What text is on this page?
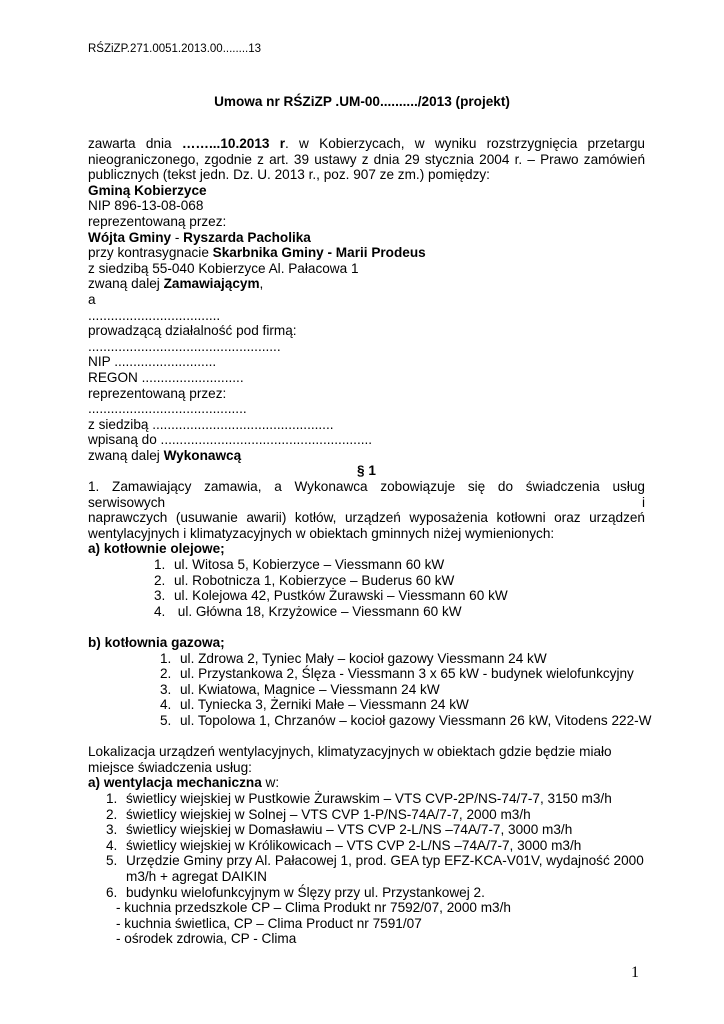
RŚZiZP.271.0051.2013.00........13
Umowa nr RŚZiZP .UM-00........../2013 (projekt)
zawarta dnia ……...10.2013 r. w Kobierzycach, w wyniku rozstrzygnięcia przetargu
nieograniczonego, zgodnie z art. 39 ustawy z dnia 29 stycznia 2004 r. – Prawo zamówień
publicznych (tekst jedn. Dz. U. 2013 r., poz. 907 ze zm.) pomiędzy:
Gminą Kobierzyce
NIP 896-13-08-068
reprezentowaną przez:
Wójta Gminy - Ryszarda Pacholika
przy kontrasygnacie Skarbnika Gminy - Marii Prodeus
z siedzibą 55-040 Kobierzyce Al. Pałacowa 1
zwaną dalej Zamawiającym,
a
...................................
prowadzącą działalność pod firmą:
...................................................
NIP ...........................
REGON ...........................
reprezentowaną przez:
..........................................
z siedzibą ................................................
wpisaną do ........................................................
zwaną dalej Wykonawcą
§ 1
1. Zamawiający zamawia, a Wykonawca zobowiązuje się do świadczenia usług serwisowych i
naprawczych (usuwanie awarii) kotłów, urządzeń wyposażenia kotłowni oraz urządzeń
wentylacyjnych i klimatyzacyjnych w obiektach gminnych niżej wymienionych:
a) kotłownie olejowe;
1. ul. Witosa 5, Kobierzyce – Viessmann 60 kW
2. ul. Robotnicza 1, Kobierzyce – Buderus 60 kW
3. ul. Kolejowa 42, Pustków Żurawski – Viessmann 60 kW
4. ul. Główna 18, Krzyżowice – Viessmann 60 kW
b) kotłownia gazowa;
1. ul. Zdrowa 2, Tyniec Mały – kocioł gazowy Viessmann 24 kW
2. ul. Przystankowa 2, Ślęza - Viessmann 3 x 65 kW - budynek wielofunkcyjny
3. ul. Kwiatowa, Magnice – Viessmann 24 kW
4. ul. Tyniecka 3, Żerniki Małe – Viessmann 24 kW
5. ul. Topolowa 1, Chrzanów – kocioł gazowy Viessmann 26 kW, Vitodens 222-W
Lokalizacja urządzeń wentylacyjnych, klimatyzacyjnych w obiektach gdzie będzie miało
miejsce świadczenia usług:
a) wentylacja mechaniczna w:
1. świetlicy wiejskiej w Pustkowie Żurawskim – VTS CVP-2P/NS-74/7-7, 3150 m3/h
2. świetlicy wiejskiej w Solnej – VTS CVP 1-P/NS-74A/7-7, 2000 m3/h
3. świetlicy wiejskiej w Domasławiu – VTS CVP 2-L/NS –74A/7-7, 3000 m3/h
4. świetlicy wiejskiej w Królikowicach – VTS CVP 2-L/NS –74A/7-7, 3000 m3/h
5. Urzędzie Gminy przy Al. Pałacowej 1, prod. GEA typ EFZ-KCA-V01V, wydajność 2000
m3/h + agregat DAIKIN
6. budynku wielofunkcyjnym w Ślęzy przy ul. Przystankowej 2.
- kuchnia przedszkole CP – Clima Produkt nr 7592/07, 2000 m3/h
- kuchnia świetlica, CP – Clima Product nr 7591/07
- ośrodek zdrowia, CP - Clima
1
